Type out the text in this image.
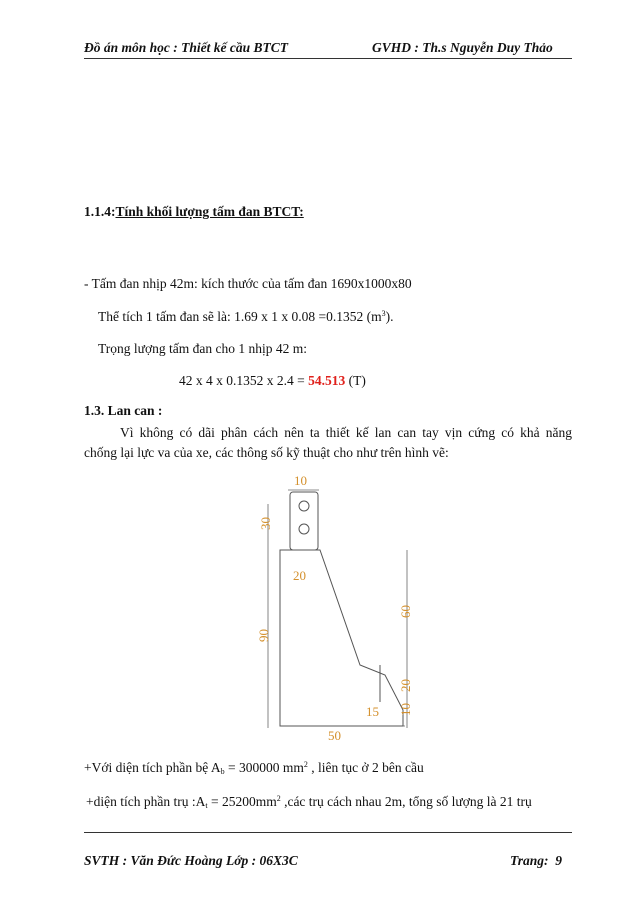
Đồ án môn học : Thiết kế cầu BTCT	GVHD : Th.s Nguyễn Duy Thảo
1.1.4:Tính khối lượng tấm đan BTCT:
- Tấm đan nhịp 42m: kích thước của tấm đan 1690x1000x80
Thể tích 1 tấm đan sẽ là: 1.69 x 1 x 0.08 =0.1352 $(m^3)$.
Trọng lượng tấm đan cho 1 nhịp 42 m:
42 x 4 x 0.1352 x 2.4 = 54.513 (T)
1.3. Lan can :
Vì không có dãi phân cách nên ta thiết kế lan can tay vịn cứng có khả năng
chống lại lực va của xe, các thông số kỹ thuật cho như trên hình vẽ:
10
30
20
60
90
20
15 10
50
+Với diện tích phần bệ $A_b = 300000$ $mm^2$ , liên tục ở 2 bên cầu
+diện tích phần trụ $:A_t = 25200mm^2$ ,các trụ cách nhau 2m, tổng số lượng là 21 trụ
SVTH : Văn Đức Hoàng Lớp : 06X3C	Trang: 9
